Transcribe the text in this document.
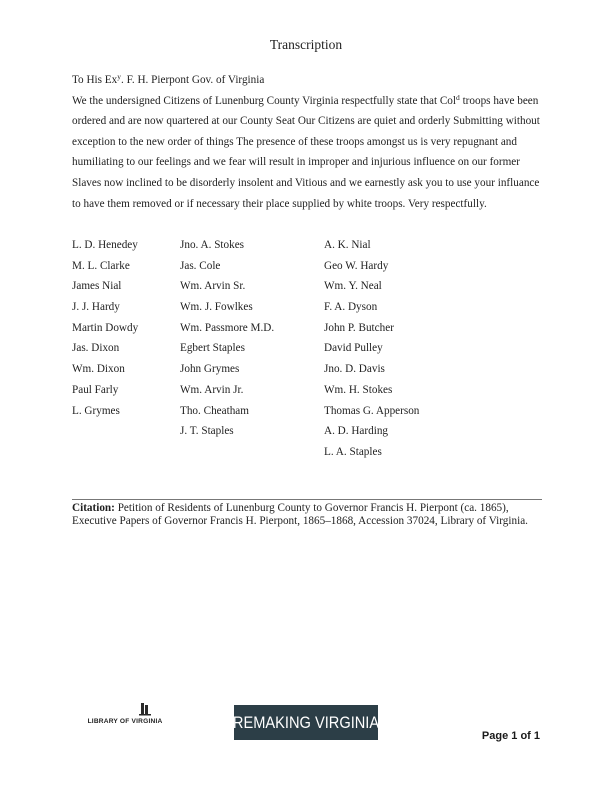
Transcription

To His Ex$^y$. F. H. Pierpont Gov. of Virginia

We the undersigned Citizens of Lunenburg County Virginia respectfully state that Col$^d$ troops have been ordered and are now quartered at our County Seat Our Citizens are quiet and orderly Submitting without exception to the new order of things The presence of these troops amongst us is very repugnant and humiliating to our feelings and we fear will result in improper and injurious influence on our former Slaves now inclined to be disorderly insolent and Vitious and we earnestly ask you to use your influance to have them removed or if necessary their place supplied by white troops. Very respectfully.

L. D. Henedey
M. L. Clarke
James Nial
J. J. Hardy
Martin Dowdy
Jas. Dixon
Wm. Dixon
Paul Farly
L. Grymes
Jno. A. Stokes
Jas. Cole
Wm. Arvin Sr.
Wm. J. Fowlkes
Wm. Passmore M.D.
Egbert Staples
John Grymes
Wm. Arvin Jr.
Tho. Cheatham
J. T. Staples
A. K. Nial
Geo W. Hardy
Wm. Y. Neal
F. A. Dyson
John P. Butcher
David Pulley
Jno. D. Davis
Wm. H. Stokes
Thomas G. Apperson
A. D. Harding
L. A. Staples
Citation: Petition of Residents of Lunenburg County to Governor Francis H. Pierpont (ca. 1865), Executive Papers of Governor Francis H. Pierpont, 1865–1868, Accession 37024, Library of Virginia.
LIBRARY OF VIRGINIA	REMAKING VIRGINIA
Page 1 of 1
